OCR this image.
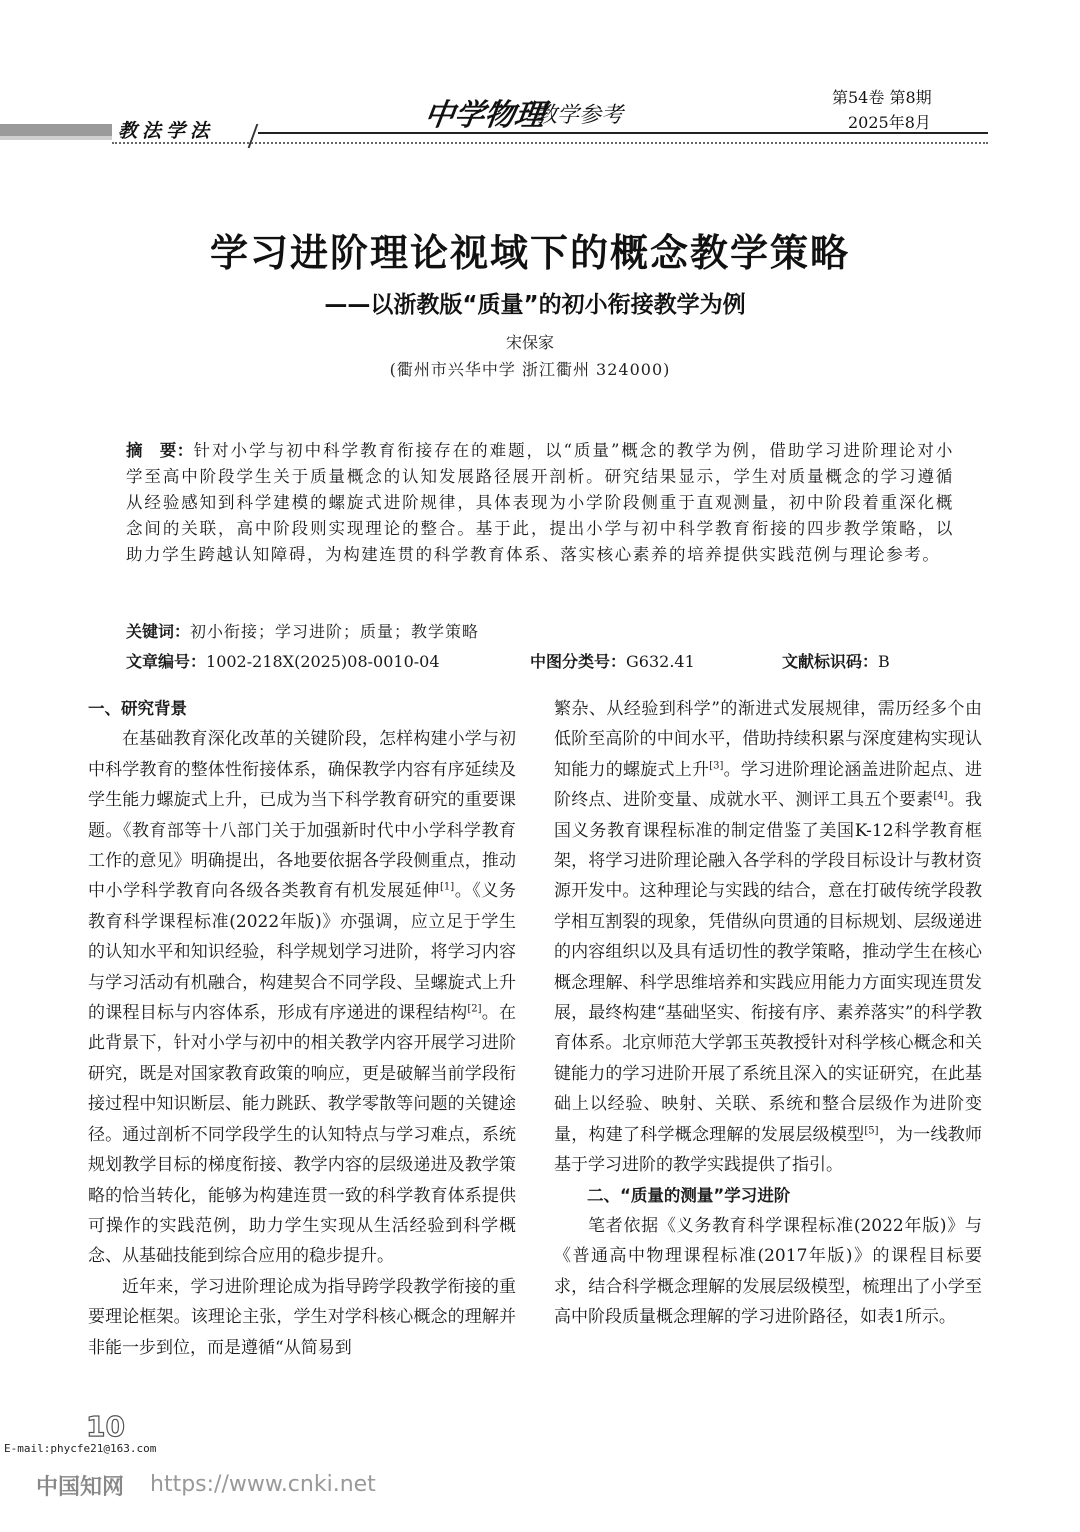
教法学法	中学物理
教学参考
第54卷 第8期
2025年8月
学习进阶理论视域下的概念教学策略
——以浙教版“质量”的初小衔接教学为例
宋保家
(衢州市兴华中学 浙江衢州 324000)
摘　要：针对小学与初中科学教育衔接存在的难题，以“质量”概念的教学为例，借助学习进阶理论对小学至高中阶段学生关于质量概念的认知发展路径展开剖析。研究结果显示，学生对质量概念的学习遵循从经验感知到科学建模的螺旋式进阶规律，具体表现为小学阶段侧重于直观测量，初中阶段着重深化概念间的关联，高中阶段则实现理论的整合。基于此，提出小学与初中科学教育衔接的四步教学策略，以助力学生跨越认知障碍，为构建连贯的科学教育体系、落实核心素养的培养提供实践范例与理论参考。
关键词：初小衔接；学习进阶；质量；教学策略
文章编号：1002-218X(2025)08-0010-04	中图分类号：G632.41	文献标识码：B
一、研究背景

在基础教育深化改革的关键阶段，怎样构建小学与初中科学教育的整体性衔接体系，确保教学内容有序延续及学生能力螺旋式上升，已成为当下科学教育研究的重要课题。《教育部等十八部门关于加强新时代中小学科学教育工作的意见》明确提出，各地要依据各学段侧重点，推动中小学科学教育向各级各类教育有机发展延伸[1]。《义务教育科学课程标准(2022年版)》亦强调，应立足于学生的认知水平和知识经验，科学规划学习进阶，将学习内容与学习活动有机融合，构建契合不同学段、呈螺旋式上升的课程目标与内容体系，形成有序递进的课程结构[2]。在此背景下，针对小学与初中的相关教学内容开展学习进阶研究，既是对国家教育政策的响应，更是破解当前学段衔接过程中知识断层、能力跳跃、教学零散等问题的关键途径。通过剖析不同学段学生的认知特点与学习难点，系统规划教学目标的梯度衔接、教学内容的层级递进及教学策略的恰当转化，能够为构建连贯一致的科学教育体系提供可操作的实践范例，助力学生实现从生活经验到科学概念、从基础技能到综合应用的稳步提升。

近年来，学习进阶理论成为指导跨学段教学衔接的重要理论框架。该理论主张，学生对学科核心概念的理解并非能一步到位，而是遵循“从简易到

繁杂、从经验到科学”的渐进式发展规律，需历经多个由低阶至高阶的中间水平，借助持续积累与深度建构实现认知能力的螺旋式上升[3]。学习进阶理论涵盖进阶起点、进阶终点、进阶变量、成就水平、测评工具五个要素[4]。我国义务教育课程标准的制定借鉴了美国K-12科学教育框架，将学习进阶理论融入各学科的学段目标设计与教材资源开发中。这种理论与实践的结合，意在打破传统学段教学相互割裂的现象，凭借纵向贯通的目标规划、层级递进的内容组织以及具有适切性的教学策略，推动学生在核心概念理解、科学思维培养和实践应用能力方面实现连贯发展，最终构建“基础坚实、衔接有序、素养落实”的科学教育体系。北京师范大学郭玉英教授针对科学核心概念和关键能力的学习进阶开展了系统且深入的实证研究，在此基础上以经验、映射、关联、系统和整合层级作为进阶变量，构建了科学概念理解的发展层级模型[5]，为一线教师基于学习进阶的教学实践提供了指引。

二、“质量的测量”学习进阶

笔者依据《义务教育科学课程标准(2022年版)》与《普通高中物理课程标准(2017年版)》的课程目标要求，结合科学概念理解的发展层级模型，梳理出了小学至高中阶段质量概念理解的学习进阶路径，如表1所示。

10
E-mail:phycfe21@163.com
中国知网 https://www.cnki.net
